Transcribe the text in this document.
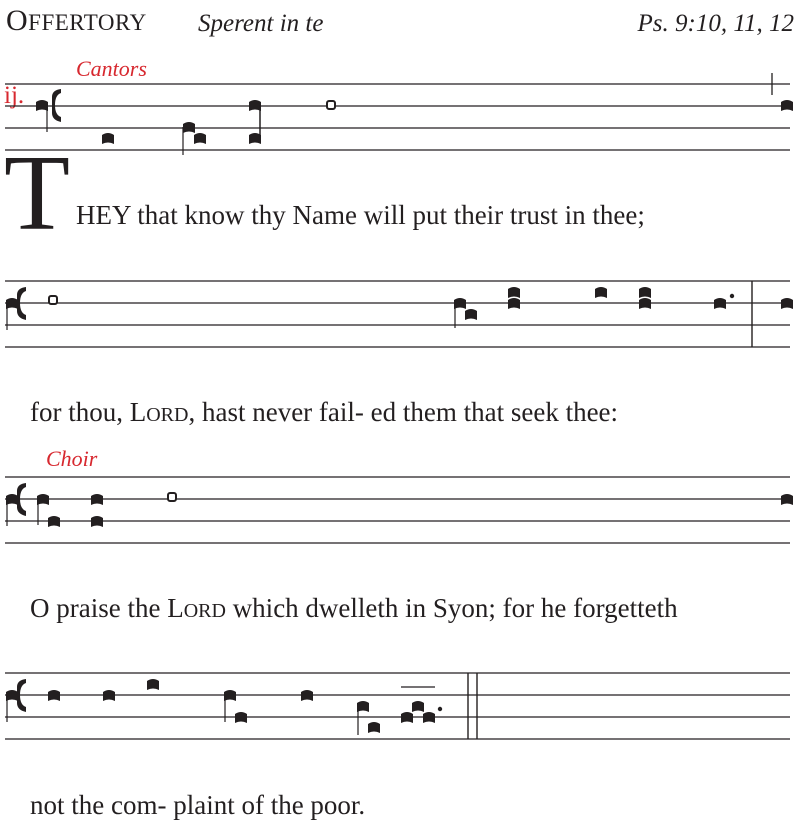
OFFERTORY Sperent in te	Ps. 9:10, 11, 12
ij.
Cantors
Choir
T HEY that know thy Name will put their trust in thee;
for thou, LORD, hast never fail- ed them that seek thee:
O praise the LORD which dwelleth in Syon; for he forgetteth
not the com- plaint of the poor.
